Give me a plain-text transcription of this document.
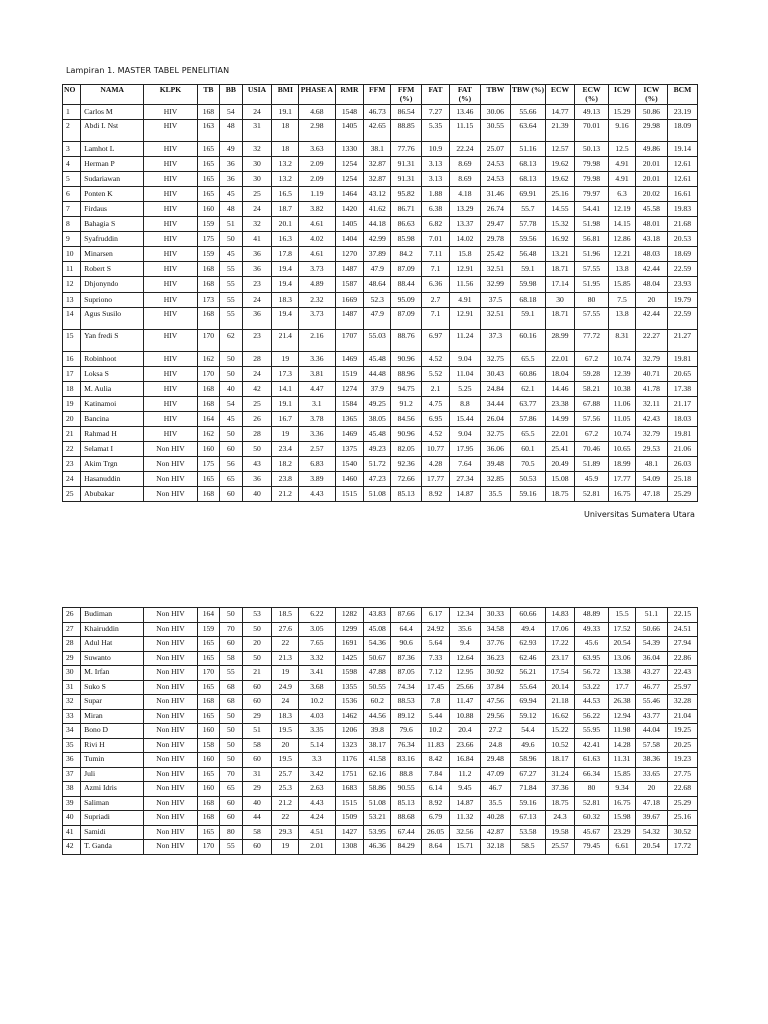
Lampiran 1. MASTER TABEL PENELITIAN
NO	NAMA	KLPK	TB	BB	USIA	BMI	PHASE A	RMR	FFM	FFM (%)	FAT	FAT (%)	TBW	TBW (%)	ECW	ECW (%)	ICW	ICW (%)	BCM
1	Carlos M	HIV	168	54	24	19.1	4.68	1548	46.73	86.54	7.27	13.46	30.06	55.66	14.77	49.13	15.29	50.86	23.19
2	Abdi I. Nst	HIV	163	48	31	18	2.98	1405	42.65	88.85	5.35	11.15	30.55	63.64	21.39	70.01	9.16	29.98	18.09
3	Lamhot L	HIV	165	49	32	18	3.63	1330	38.1	77.76	10.9	22.24	25.07	51.16	12.57	50.13	12.5	49.86	19.14
4	Herman P	HIV	165	36	30	13.2	2.09	1254	32.87	91.31	3.13	8.69	24.53	68.13	19.62	79.98	4.91	20.01	12.61
5	Sudariawan	HIV	165	36	30	13.2	2.09	1254	32.87	91.31	3.13	8.69	24.53	68.13	19.62	79.98	4.91	20.01	12.61
6	Ponten K	HIV	165	45	25	16.5	1.19	1464	43.12	95.82	1.88	4.18	31.46	69.91	25.16	79.97	6.3	20.02	16.61
7	Firdaus	HIV	160	48	24	18.7	3.82	1420	41.62	86.71	6.38	13.29	26.74	55.7	14.55	54.41	12.19	45.58	19.83
8	Bahagia S	HIV	159	51	32	20.1	4.61	1405	44.18	86.63	6.82	13.37	29.47	57.78	15.32	51.98	14.15	48.01	21.68
9	Syafruddin	HIV	175	50	41	16.3	4.02	1404	42.99	85.98	7.01	14.02	29.78	59.56	16.92	56.81	12.86	43.18	20.53
10	Minarsen	HIV	159	45	36	17.8	4.61	1270	37.89	84.2	7.11	15.8	25.42	56.48	13.21	51.96	12.21	48.03	18.69
11	Robert S	HIV	168	55	36	19.4	3.73	1487	47.9	87.09	7.1	12.91	32.51	59.1	18.71	57.55	13.8	42.44	22.59
12	Dhjonyndo	HIV	168	55	23	19.4	4.89	1587	48.64	88.44	6.36	11.56	32.99	59.98	17.14	51.95	15.85	48.04	23.93
13	Supriono	HIV	173	55	24	18.3	2.32	1669	52.3	95.09	2.7	4.91	37.5	68.18	30	80	7.5	20	19.79
14	Agus Susilo	HIV	168	55	36	19.4	3.73	1487	47.9	87.09	7.1	12.91	32.51	59.1	18.71	57.55	13.8	42.44	22.59
15	Yan fredi S	HIV	170	62	23	21.4	2.16	1707	55.03	88.76	6.97	11.24	37.3	60.16	28.99	77.72	8.31	22.27	21.27
16	Robinhoot	HIV	162	50	28	19	3.36	1469	45.48	90.96	4.52	9.04	32.75	65.5	22.01	67.2	10.74	32.79	19.81
17	Loksa S	HIV	170	50	24	17.3	3.81	1519	44.48	88.96	5.52	11.04	30.43	60.86	18.04	59.28	12.39	40.71	20.65
18	M. Aulia	HIV	168	40	42	14.1	4.47	1274	37.9	94.75	2.1	5.25	24.84	62.1	14.46	58.21	10.38	41.78	17.38
19	Katinamoi	HIV	168	54	25	19.1	3.1	1584	49.25	91.2	4.75	8.8	34.44	63.77	23.38	67.88	11.06	32.11	21.17
20	Bancina	HIV	164	45	26	16.7	3.78	1365	38.05	84.56	6.95	15.44	26.04	57.86	14.99	57.56	11.05	42.43	18.03
21	Rahmad H	HIV	162	50	28	19	3.36	1469	45.48	90.96	4.52	9.04	32.75	65.5	22.01	67.2	10.74	32.79	19.81
22	Selamat I	Non HIV	160	60	50	23.4	2.57	1375	49.23	82.05	10.77	17.95	36.06	60.1	25.41	70.46	10.65	29.53	21.06
23	Akim Trgn	Non HIV	175	56	43	18.2	6.83	1540	51.72	92.36	4.28	7.64	39.48	70.5	20.49	51.89	18.99	48.1	26.03
24	Hasanuddin	Non HIV	165	65	36	23.8	3.89	1460	47.23	72.66	17.77	27.34	32.85	50.53	15.08	45.9	17.77	54.09	25.18
25	Abubakar	Non HIV	168	60	40	21.2	4.43	1515	51.08	85.13	8.92	14.87	35.5	59.16	18.75	52.81	16.75	47.18	25.29
Universitas Sumatera Utara
26	Budiman	Non HIV	164	50	53	18.5	6.22	1282	43.83	87.66	6.17	12.34	30.33	60.66	14.83	48.89	15.5	51.1	22.15
27	Khairuddin	Non HIV	159	70	50	27.6	3.05	1299	45.08	64.4	24.92	35.6	34.58	49.4	17.06	49.33	17.52	50.66	24.51
28	Adul Hat	Non HIV	165	60	20	22	7.65	1691	54.36	90.6	5.64	9.4	37.76	62.93	17.22	45.6	20.54	54.39	27.94
29	Suwanto	Non HIV	165	58	50	21.3	3.32	1425	50.67	87.36	7.33	12.64	36.23	62.46	23.17	63.95	13.06	36.04	22.86
30	M. Irfan	Non HIV	170	55	21	19	3.41	1598	47.88	87.05	7.12	12.95	30.92	56.21	17.54	56.72	13.38	43.27	22.43
31	Suko S	Non HIV	165	68	60	24.9	3.68	1355	50.55	74.34	17.45	25.66	37.84	55.64	20.14	53.22	17.7	46.77	25.97
32	Supar	Non HIV	168	68	60	24	10.2	1536	60.2	88.53	7.8	11.47	47.56	69.94	21.18	44.53	26.38	55.46	32.28
33	Miran	Non HIV	165	50	29	18.3	4.03	1462	44.56	89.12	5.44	10.88	29.56	59.12	16.62	56.22	12.94	43.77	21.04
34	Bono D	Non HIV	160	50	51	19.5	3.35	1206	39.8	79.6	10.2	20.4	27.2	54.4	15.22	55.95	11.98	44.04	19.25
35	Rivi H	Non HIV	158	50	58	20	5.14	1323	38.17	76.34	11.83	23.66	24.8	49.6	10.52	42.41	14.28	57.58	20.25
36	Tumin	Non HIV	160	50	60	19.5	3.3	1176	41.58	83.16	8.42	16.84	29.48	58.96	18.17	61.63	11.31	38.36	19.23
37	Juli	Non HIV	165	70	31	25.7	3.42	1751	62.16	88.8	7.84	11.2	47.09	67.27	31.24	66.34	15.85	33.65	27.75
38	Azmi Idris	Non HIV	160	65	29	25.3	2.63	1683	58.86	90.55	6.14	9.45	46.7	71.84	37.36	80	9.34	20	22.68
39	Saliman	Non HIV	168	60	40	21.2	4.43	1515	51.08	85.13	8.92	14.87	35.5	59.16	18.75	52.81	16.75	47.18	25.29
40	Supriadi	Non HIV	168	60	44	22	4.24	1509	53.21	88.68	6.79	11.32	40.28	67.13	24.3	60.32	15.98	39.67	25.16
41	Samidi	Non HIV	165	80	58	29.3	4.51	1427	53.95	67.44	26.05	32.56	42.87	53.58	19.58	45.67	23.29	54.32	30.52
42	T. Ganda	Non HIV	170	55	60	19	2.01	1308	46.36	84.29	8.64	15.71	32.18	58.5	25.57	79.45	6.61	20.54	17.72
